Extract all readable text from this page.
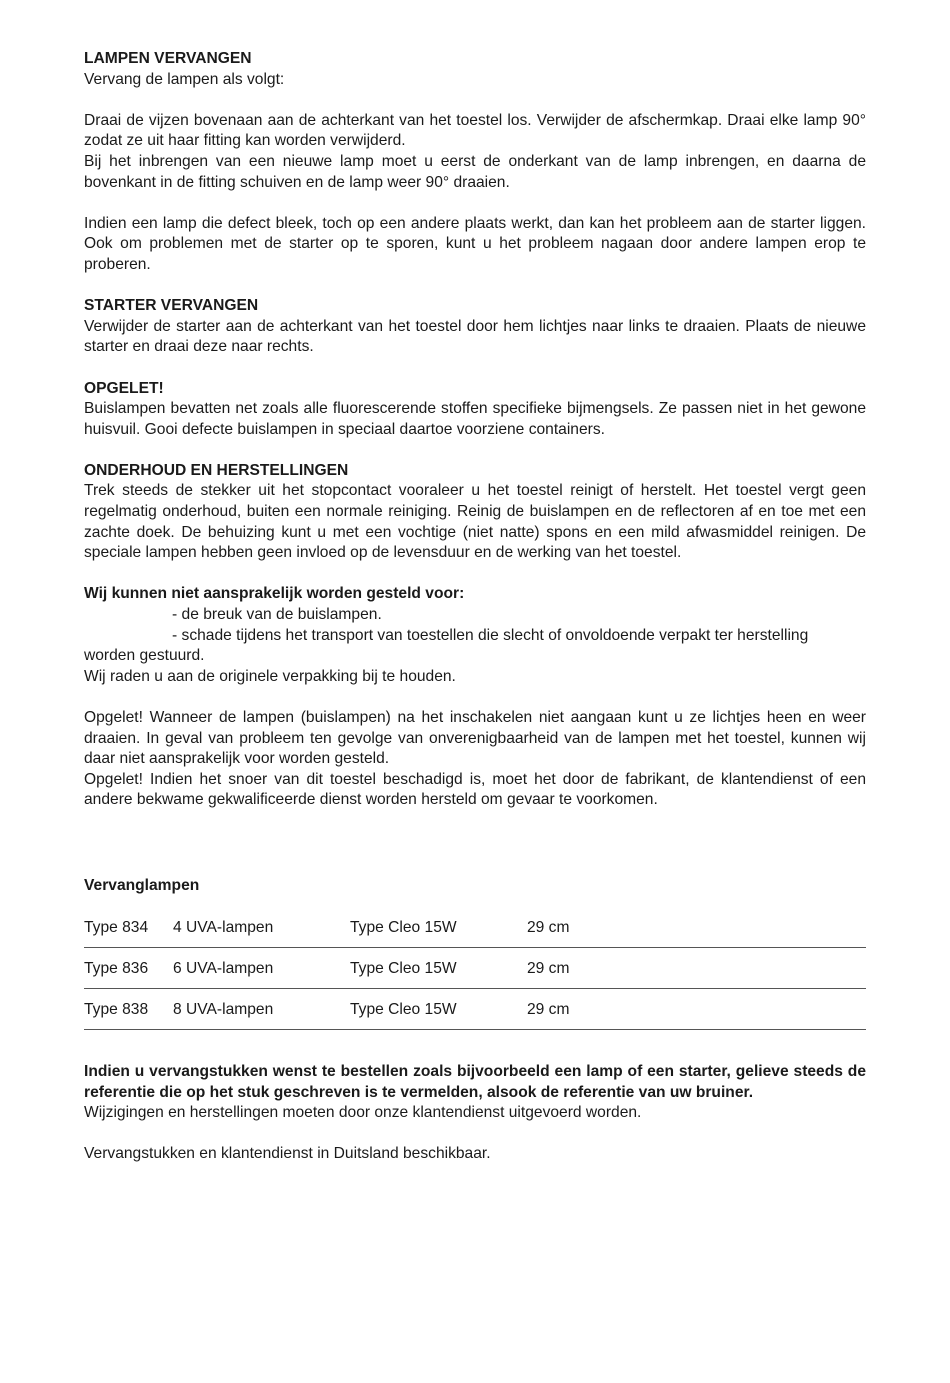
LAMPEN VERVANGEN

Vervang de lampen als volgt:

Draai de vijzen bovenaan aan de achterkant van het toestel los. Verwijder de afschermkap. Draai elke lamp 90° zodat ze uit haar fitting kan worden verwijderd.

Bij het inbrengen van een nieuwe lamp moet u eerst de onderkant van de lamp inbrengen, en daarna de bovenkant in de fitting schuiven en de lamp weer 90° draaien.

Indien een lamp die defect bleek, toch op een andere plaats werkt, dan kan het probleem aan de starter liggen. Ook om problemen met de starter op te sporen, kunt u het probleem nagaan door andere lampen erop te proberen.

STARTER VERVANGEN

Verwijder de starter aan de achterkant van het toestel door hem lichtjes naar links te draaien. Plaats de nieuwe starter en draai deze naar rechts.

OPGELET!

Buislampen bevatten net zoals alle fluorescerende stoffen specifieke bijmengsels. Ze passen niet in het gewone huisvuil. Gooi defecte buislampen in speciaal daartoe voorziene containers.

ONDERHOUD EN HERSTELLINGEN

Trek steeds de stekker uit het stopcontact vooraleer u het toestel reinigt of herstelt. Het toestel vergt geen regelmatig onderhoud, buiten een normale reiniging. Reinig de buislampen en de reflectoren af en toe met een zachte doek. De behuizing kunt u met een vochtige (niet natte) spons en een mild afwasmiddel reinigen. De speciale lampen hebben geen invloed op de levensduur en de werking van het toestel.

Wij kunnen niet aansprakelijk worden gesteld voor:

- de breuk van de buislampen.

- schade tijdens het transport van toestellen die slecht of onvoldoende verpakt ter herstelling

worden gestuurd.

Wij raden u aan de originele verpakking bij te houden.

Opgelet! Wanneer de lampen (buislampen) na het inschakelen niet aangaan kunt u ze lichtjes heen en weer draaien. In geval van probleem ten gevolge van onverenigbaarheid van de lampen met het toestel, kunnen wij daar niet aansprakelijk voor worden gesteld.

Opgelet! Indien het snoer van dit toestel beschadigd is, moet het door de fabrikant, de klantendienst of een andere bekwame gekwalificeerde dienst worden hersteld om gevaar te voorkomen.

Vervanglampen
Type 834 4 UVA-lampen	Type Cleo 15W	29 cm
Type 836 6 UVA-lampen	Type Cleo 15W	29 cm
Type 838 8 UVA-lampen	Type Cleo 15W	29 cm

Indien u vervangstukken wenst te bestellen zoals bijvoorbeeld een lamp of een starter, gelieve steeds de referentie die op het stuk geschreven is te vermelden, alsook de referentie van uw bruiner.

Wijzigingen en herstellingen moeten door onze klantendienst uitgevoerd worden.

Vervangstukken en klantendienst in Duitsland beschikbaar.
